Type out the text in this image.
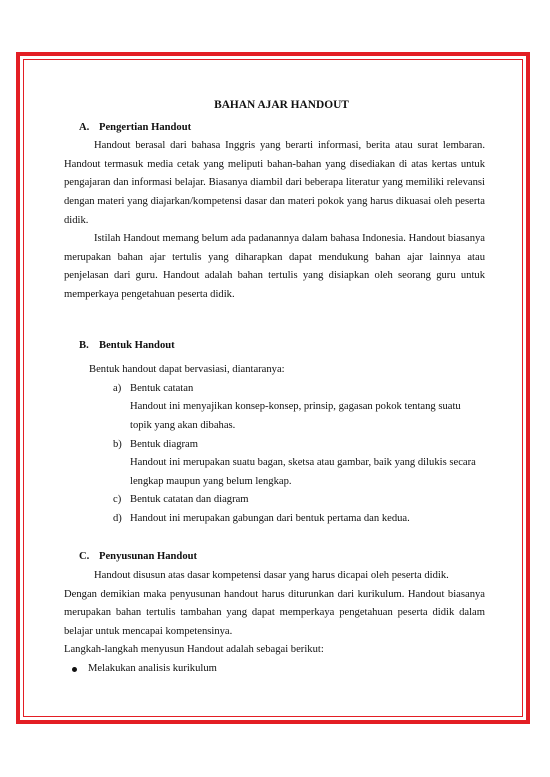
BAHAN AJAR HANDOUT

A. Pengertian Handout

Handout berasal dari bahasa Inggris yang berarti informasi, berita atau surat lembaran. Handout termasuk media cetak yang meliputi bahan-bahan yang disediakan di atas kertas untuk pengajaran dan informasi belajar. Biasanya diambil dari beberapa literatur yang memiliki relevansi dengan materi yang diajarkan/kompetensi dasar dan materi pokok yang harus dikuasai oleh peserta didik.

Istilah Handout memang belum ada padanannya dalam bahasa Indonesia. Handout biasanya merupakan bahan ajar tertulis yang diharapkan dapat mendukung bahan ajar lainnya atau penjelasan dari guru. Handout adalah bahan tertulis yang disiapkan oleh seorang guru untuk memperkaya pengetahuan peserta didik.

B. Bentuk Handout

Bentuk handout dapat bervasiasi, diantaranya:

a) Bentuk catatan
Handout ini menyajikan konsep-konsep, prinsip, gagasan pokok tentang suatu topik yang akan dibahas.
b) Bentuk diagram
Handout ini merupakan suatu bagan, sketsa atau gambar, baik yang dilukis secara lengkap maupun yang belum lengkap.
c) Bentuk catatan dan diagram
d) Handout ini merupakan gabungan dari bentuk pertama dan kedua.

C. Penyusunan Handout

Handout disusun atas dasar kompetensi dasar yang harus dicapai oleh peserta didik.

Dengan demikian maka penyusunan handout harus diturunkan dari kurikulum. Handout biasanya merupakan bahan tertulis tambahan yang dapat memperkaya pengetahuan peserta didik dalam belajar untuk mencapai kompetensinya.

Langkah-langkah menyusun Handout adalah sebagai berikut:

Melakukan analisis kurikulum
